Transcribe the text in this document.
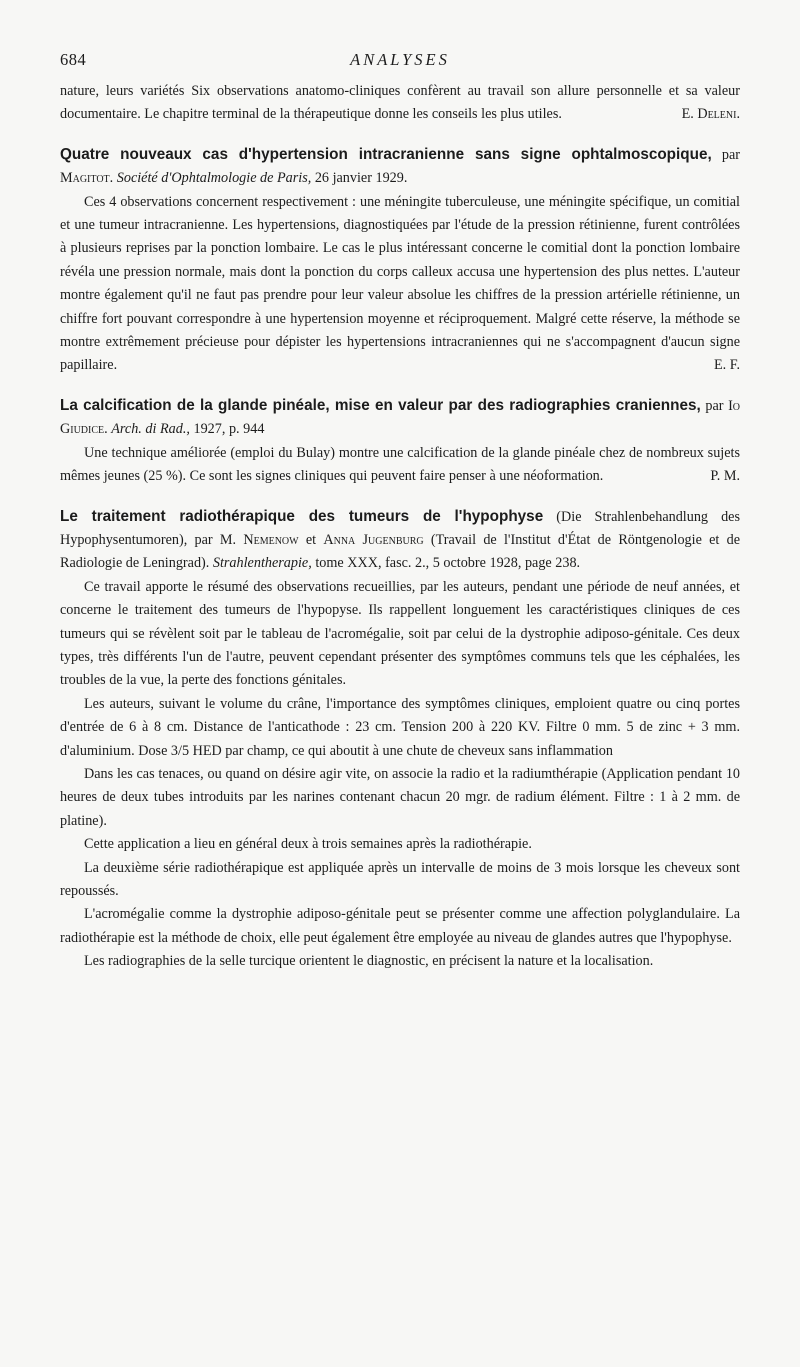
684	ANALYSES

nature, leurs variétés Six observations anatomo-cliniques confèrent au travail son allure personnelle et sa valeur documentaire. Le chapitre terminal de la thérapeutique donne les conseils les plus utiles.	E. Deleni.

Quatre nouveaux cas d'hypertension intracranienne sans signe ophtalmoscopique, par Magitot. Société d'Ophtalmologie de Paris, 26 janvier 1929.

Ces 4 observations concernent respectivement : une méningite tuberculeuse, une méningite spécifique, un comitial et une tumeur intracranienne. Les hypertensions, diagnostiquées par l'étude de la pression rétinienne, furent contrôlées à plusieurs reprises par la ponction lombaire. Le cas le plus intéressant concerne le comitial dont la ponction lombaire révéla une pression normale, mais dont la ponction du corps calleux accusa une hypertension des plus nettes. L'auteur montre également qu'il ne faut pas prendre pour leur valeur absolue les chiffres de la pression artérielle rétinienne, un chiffre fort pouvant correspondre à une hypertension moyenne et réciproquement. Malgré cette réserve, la méthode se montre extrêmement précieuse pour dépister les hypertensions intracraniennes qui ne s'accompagnent d'aucun signe papillaire.	E. F.

La calcification de la glande pinéale, mise en valeur par des radiographies craniennes, par Io Giudice. Arch. di Rad., 1927, p. 944

Une technique améliorée (emploi du Bulay) montre une calcification de la glande pinéale chez de nombreux sujets mêmes jeunes (25 %). Ce sont les signes cliniques qui peuvent faire penser à une néoformation.	P. M.

Le traitement radiothérapique des tumeurs de l'hypophyse (Die Strahlenbehandlung des Hypophysentumoren), par M. Nemenow et Anna Jugenburg (Travail de l'Institut d'État de Röntgenologie et de Radiologie de Leningrad). Strahlentherapie, tome XXX, fasc. 2., 5 octobre 1928, page 238.

Ce travail apporte le résumé des observations recueillies, par les auteurs, pendant une période de neuf années, et concerne le traitement des tumeurs de l'hypopyse. Ils rappellent longuement les caractéristiques cliniques de ces tumeurs qui se révèlent soit par le tableau de l'acromégalie, soit par celui de la dystrophie adiposo-génitale. Ces deux types, très différents l'un de l'autre, peuvent cependant présenter des symptômes communs tels que les céphalées, les troubles de la vue, la perte des fonctions génitales.

Les auteurs, suivant le volume du crâne, l'importance des symptômes cliniques, emploient quatre ou cinq portes d'entrée de 6 à 8 cm. Distance de l'anticathode : 23 cm. Tension 200 à 220 KV. Filtre 0 mm. 5 de zinc + 3 mm. d'aluminium. Dose 3/5 HED par champ, ce qui aboutit à une chute de cheveux sans inflammation

Dans les cas tenaces, ou quand on désire agir vite, on associe la radio et la radiumthérapie (Application pendant 10 heures de deux tubes introduits par les narines contenant chacun 20 mgr. de radium élément. Filtre : 1 à 2 mm. de platine).

Cette application a lieu en général deux à trois semaines après la radiothérapie.

La deuxième série radiothérapique est appliquée après un intervalle de moins de 3 mois lorsque les cheveux sont repoussés.

L'acromégalie comme la dystrophie adiposo-génitale peut se présenter comme une affection polyglandulaire. La radiothérapie est la méthode de choix, elle peut également être employée au niveau de glandes autres que l'hypophyse.

Les radiographies de la selle turcique orientent le diagnostic, en précisent la nature et la localisation.
